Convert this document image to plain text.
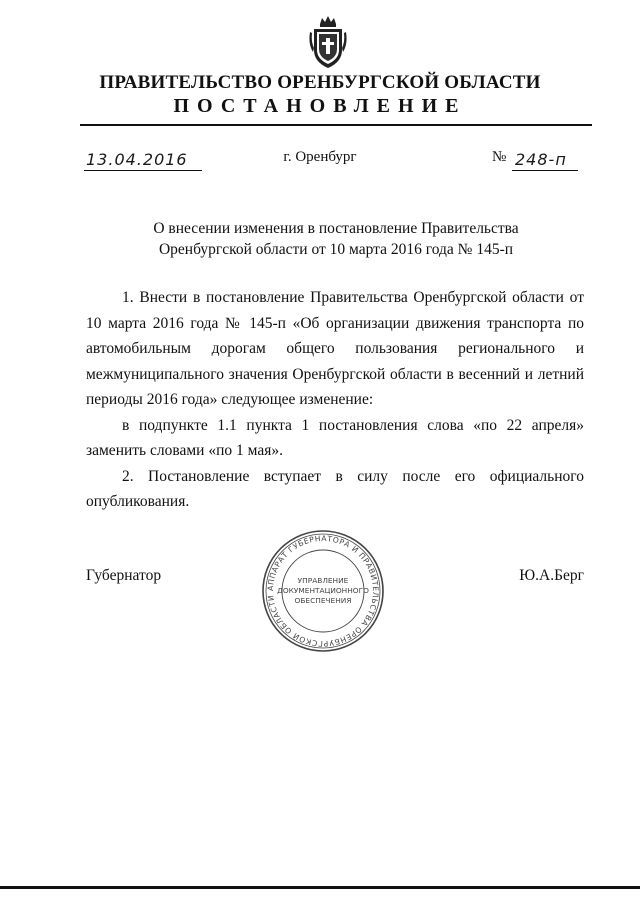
ПРАВИТЕЛЬСТВО ОРЕНБУРГСКОЙ ОБЛАСТИ
ПОСТАНОВЛЕНИЕ
13.04.2016	г. Оренбург	№ 248-п
О внесении изменения в постановление Правительства
Оренбургской области от 10 марта 2016 года № 145-п

1. Внести в постановление Правительства Оренбургской области от 10 марта 2016 года № 145-п «Об организации движения транспорта по автомобильным дорогам общего пользования регионального и межмуниципального значения Оренбургской области в весенний и летний периоды 2016 года» следующее изменение:

в подпункте 1.1 пункта 1 постановления слова «по 22 апреля» заменить словами «по 1 мая».

2. Постановление вступает в силу после его официального опубликования.

Губернатор	Ю.А.Берг
АППАРАТ ГУБЕРНАТОРА И ПРАВИТЕЛЬСТВА ОРЕНБУРГСКОЙ ОБЛАСТИ
УПРАВЛЕНИЕ
ДОКУМЕНТАЦИОННОГО
ОБЕСПЕЧЕНИЯ
